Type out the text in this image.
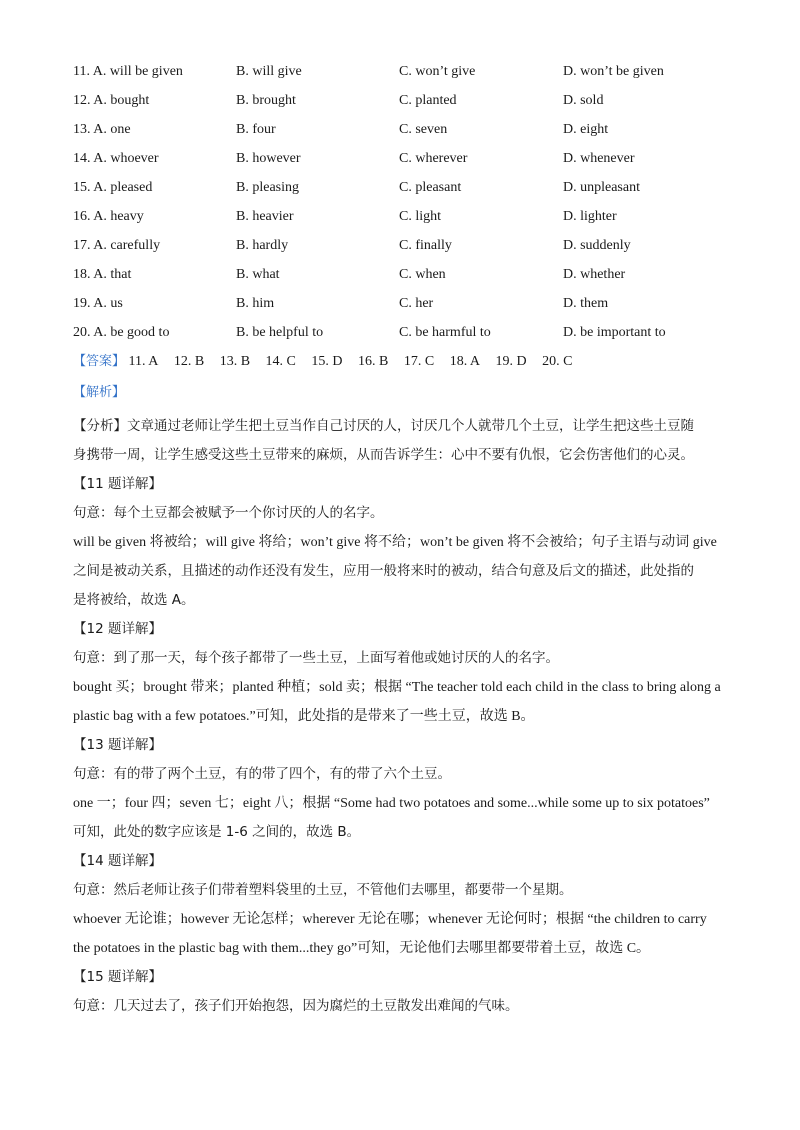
11. A. will be given	B. will give	C. won’t give	D. won’t be given
12. A. bought	B. brought	C. planted	D. sold
13. A. one	B. four	C. seven	D. eight
14. A. whoever	B. however	C. wherever	D. whenever
15. A. pleased	B. pleasing	C. pleasant	D. unpleasant
16. A. heavy	B. heavier	C. light	D. lighter
17. A. carefully	B. hardly	C. finally	D. suddenly
18. A. that	B. what	C. when	D. whether
19. A. us	B. him	C. her	D. them
20. A. be good to	B. be helpful to	C. be harmful to	D. be important to
【答案】 11. A 12. B 13. B 14. C 15. D 16. B 17. C 18. A 19. D 20. C
【解析】
【分析】文章通过老师让学生把土豆当作自己讨厌的人，讨厌几个人就带几个土豆，让学生把这些土豆随
身携带一周，让学生感受这些土豆带来的麻烦，从而告诉学生：心中不要有仇恨，它会伤害他们的心灵。
【11 题详解】
句意：每个土豆都会被赋予一个你讨厌的人的名字。
will be given 将被给；will give 将给；won’t give 将不给；won’t be given 将不会被给；句子主语与动词 give
之间是被动关系，且描述的动作还没有发生，应用一般将来时的被动，结合句意及后文的描述，此处指的
是将被给，故选 A。
【12 题详解】
句意：到了那一天，每个孩子都带了一些土豆，上面写着他或她讨厌的人的名字。
bought 买；brought 带来；planted 种植；sold 卖；根据 “The teacher told each child in the class to bring along a
plastic bag with a few potatoes.”可知，此处指的是带来了一些土豆，故选 B。
【13 题详解】
句意：有的带了两个土豆，有的带了四个，有的带了六个土豆。
one 一；four 四；seven 七；eight 八；根据 “Some had two potatoes and some...while some up to six potatoes”
可知，此处的数字应该是 1-6 之间的，故选 B。
【14 题详解】
句意：然后老师让孩子们带着塑料袋里的土豆，不管他们去哪里，都要带一个星期。
whoever 无论谁；however 无论怎样；wherever 无论在哪；whenever 无论何时；根据 “the children to carry
the potatoes in the plastic bag with them...they go”可知，无论他们去哪里都要带着土豆，故选 C。
【15 题详解】
句意：几天过去了，孩子们开始抱怨，因为腐烂的土豆散发出难闻的气味。
